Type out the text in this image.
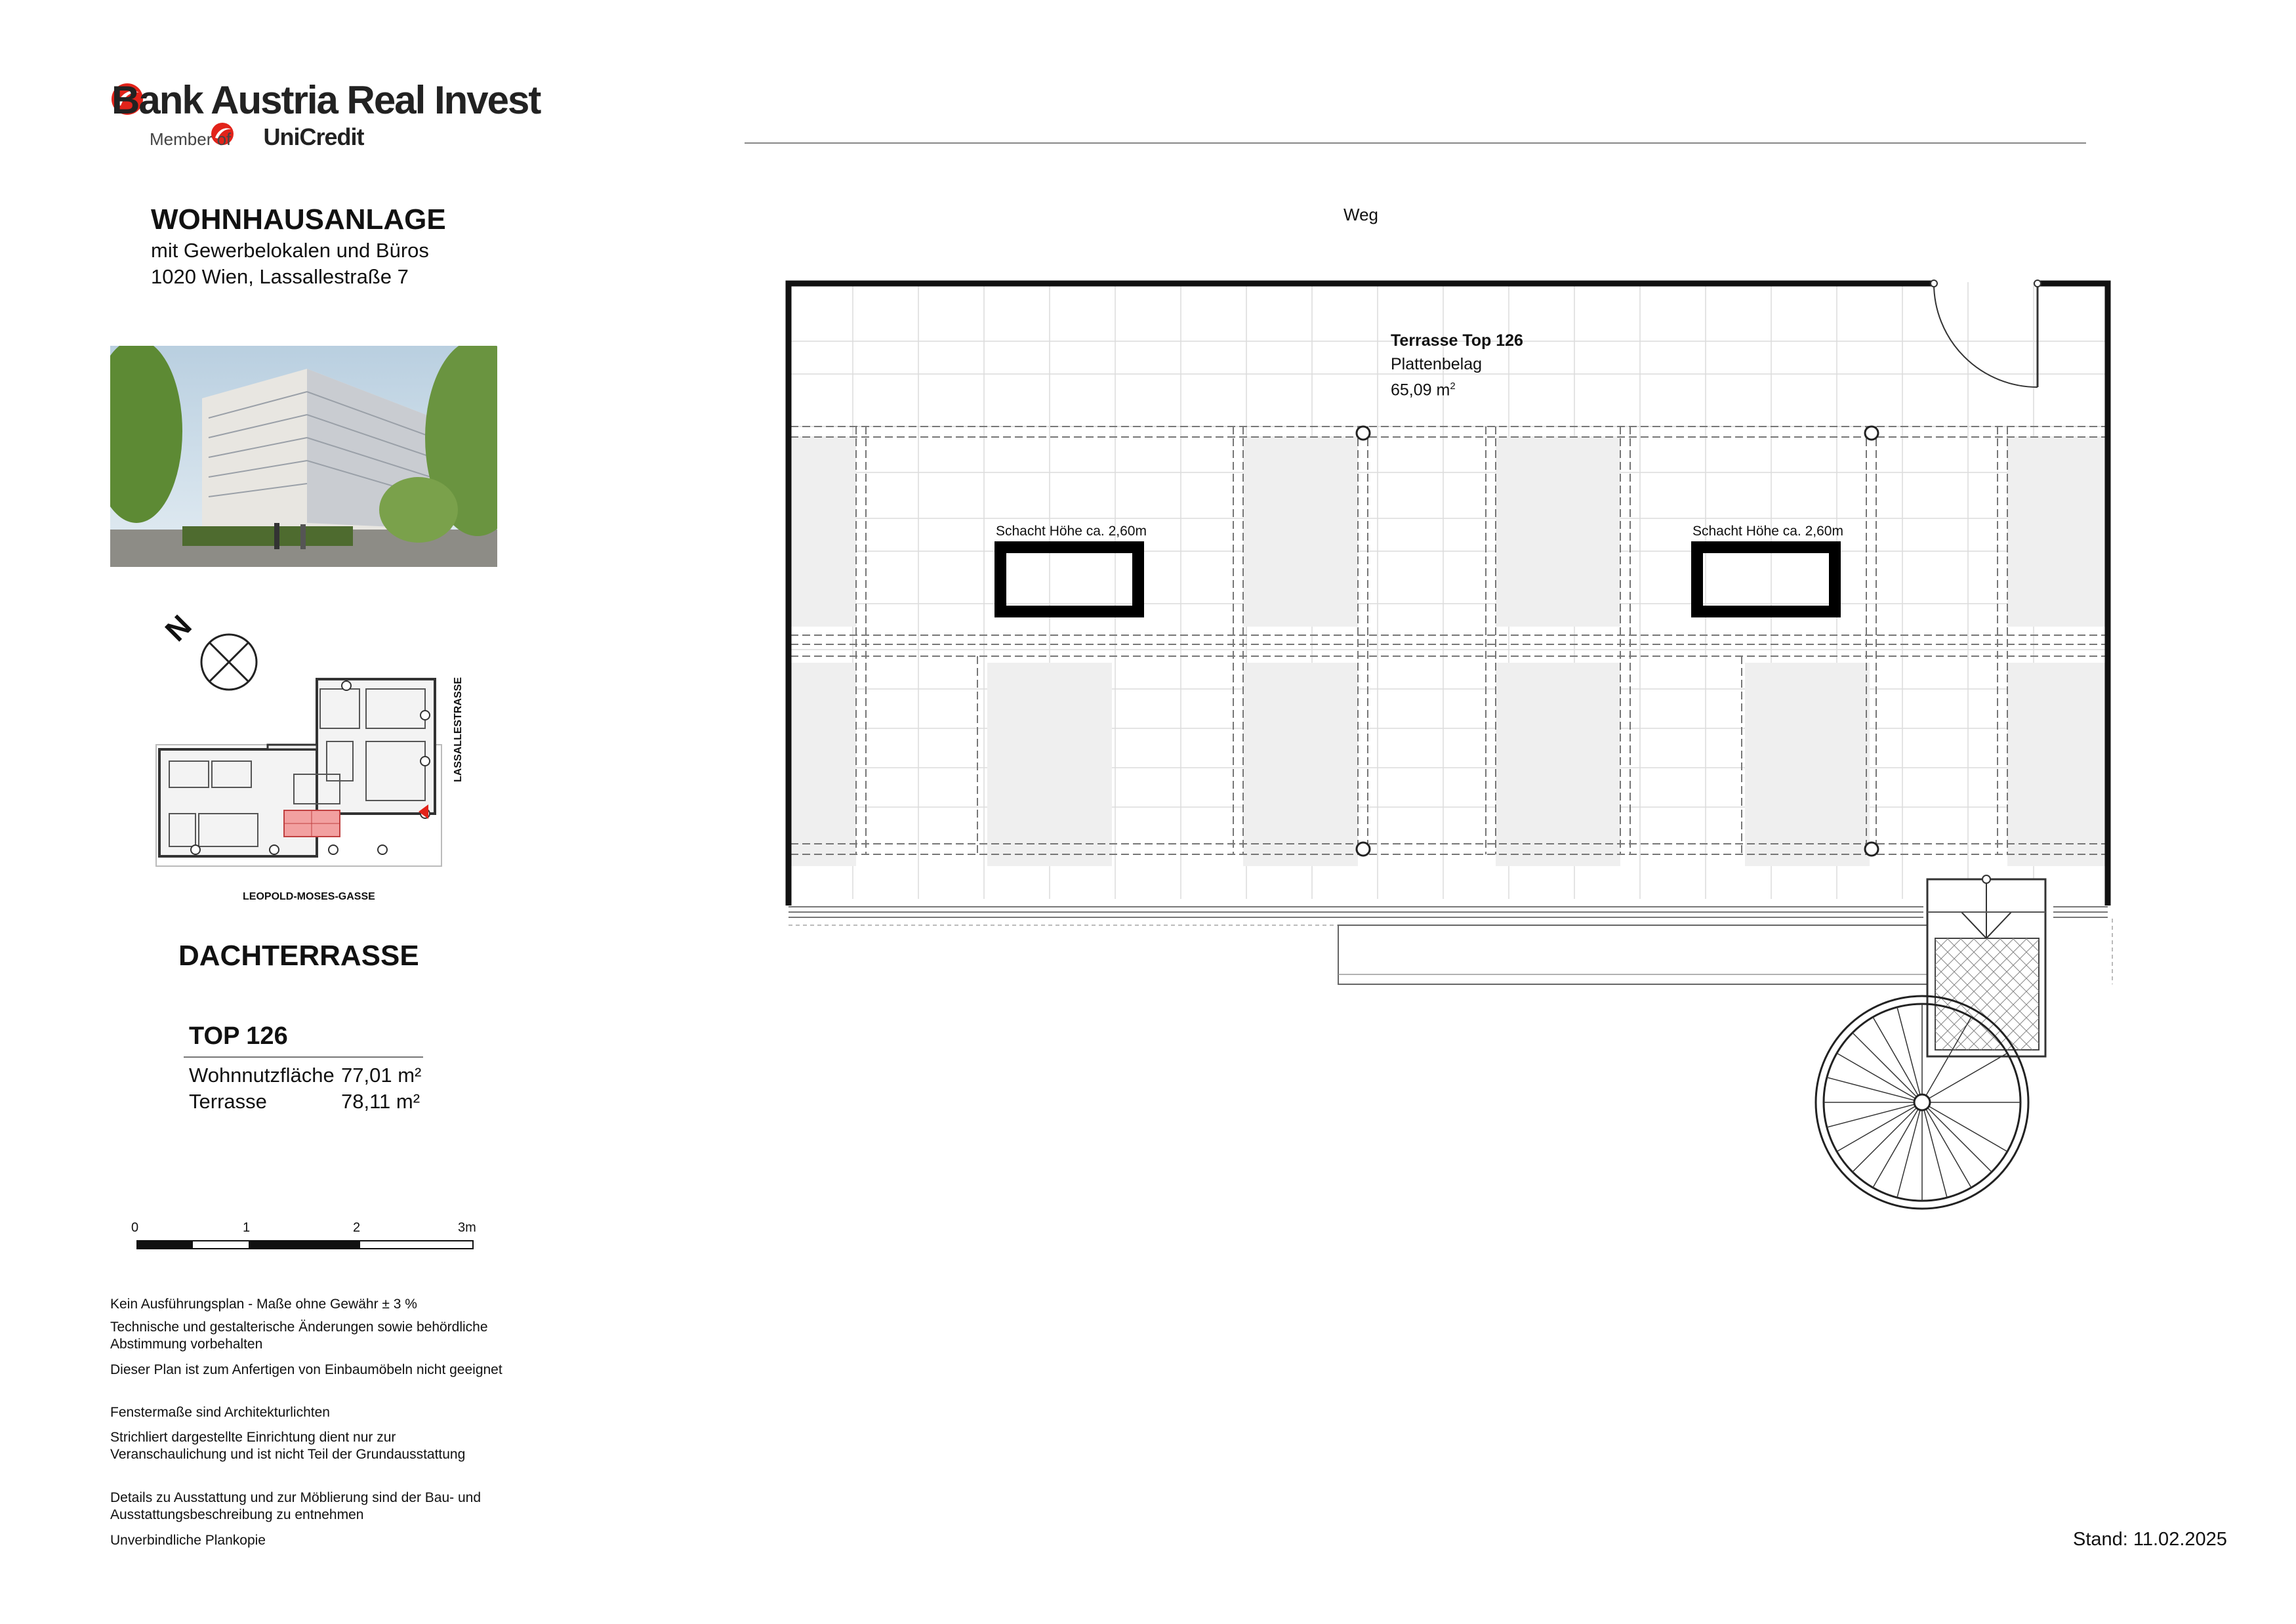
Bank Austria Real Invest
Member of UniCredit
WOHNHAUSANLAGE
mit Gewerbelokalen und Büros
1020 Wien, Lassallestraße 7
N
LEOPOLD-MOSES-GASSE
LASSALLESTRASSE
DACHTERRASSE
TOP 126
Wohnnutzfläche 77,01 m²
Terrasse	78,11 m²
0	1	2	3m
Kein Ausführungsplan - Maße ohne Gewähr ± 3 %
Technische und gestalterische Änderungen sowie behördliche Abstimmung vorbehalten
Dieser Plan ist zum Anfertigen von Einbaumöbeln nicht geeignet
Fenstermaße sind Architekturlichten
Strichliert dargestellte Einrichtung dient nur zur Veranschaulichung und ist nicht Teil der Grundausstattung
Details zu Ausstattung und zur Möblierung sind der Bau- und Ausstattungsbeschreibung zu entnehmen
Unverbindliche Plankopie	Stand: 11.02.2025
Weg
Terrasse Top 126
Plattenbelag
65,09 $m^2$
Schacht Höhe ca. 2,60m	Schacht Höhe ca. 2,60m
